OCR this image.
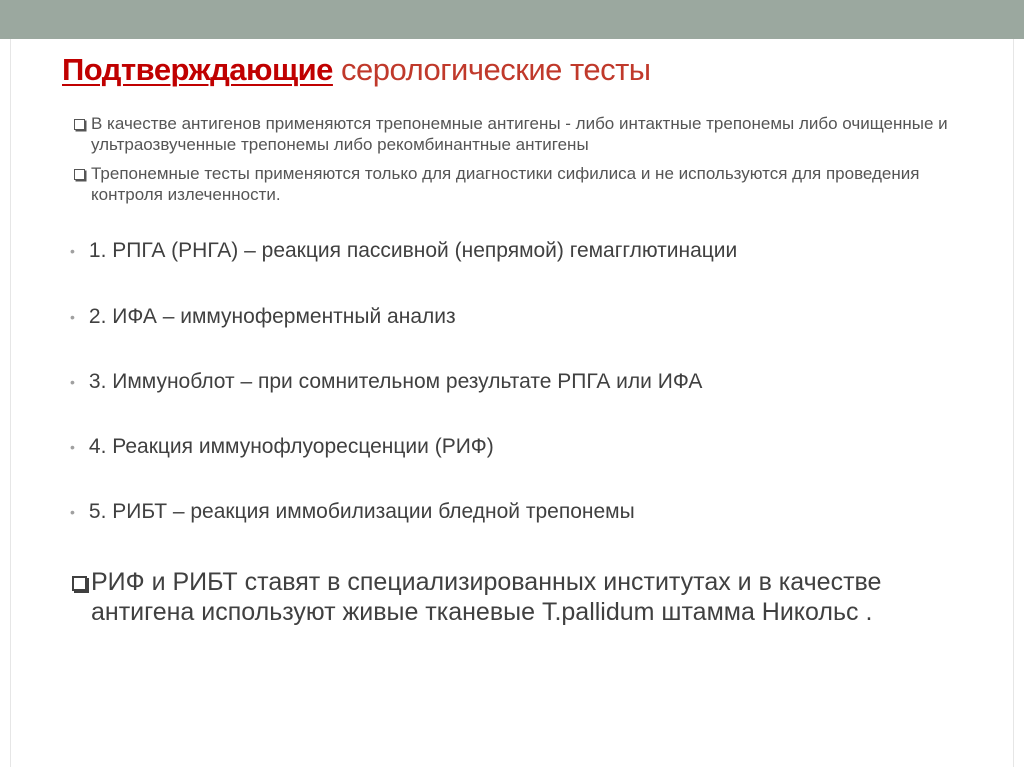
Подтверждающие серологические тесты
В качестве антигенов применяются трепонемные антигены - либо интактные трепонемы либо очищенные и ультраозвученные трепонемы либо рекомбинантные антигены
Трепонемные тесты применяются только для диагностики сифилиса и не используются для проведения контроля излеченности.
• 1. РПГА (РНГА) – реакция пассивной (непрямой) гемагглютинации
• 2. ИФА – иммуноферментный анализ
• 3. Иммуноблот – при сомнительном результате РПГА или ИФА
• 4. Реакция иммунофлуоресценции (РИФ)
• 5. РИБТ – реакция иммобилизации бледной трепонемы
РИФ и РИБТ ставят в специализированных институтах и в качестве антигена используют живые тканевые T.pallidum штамма Никольс .
